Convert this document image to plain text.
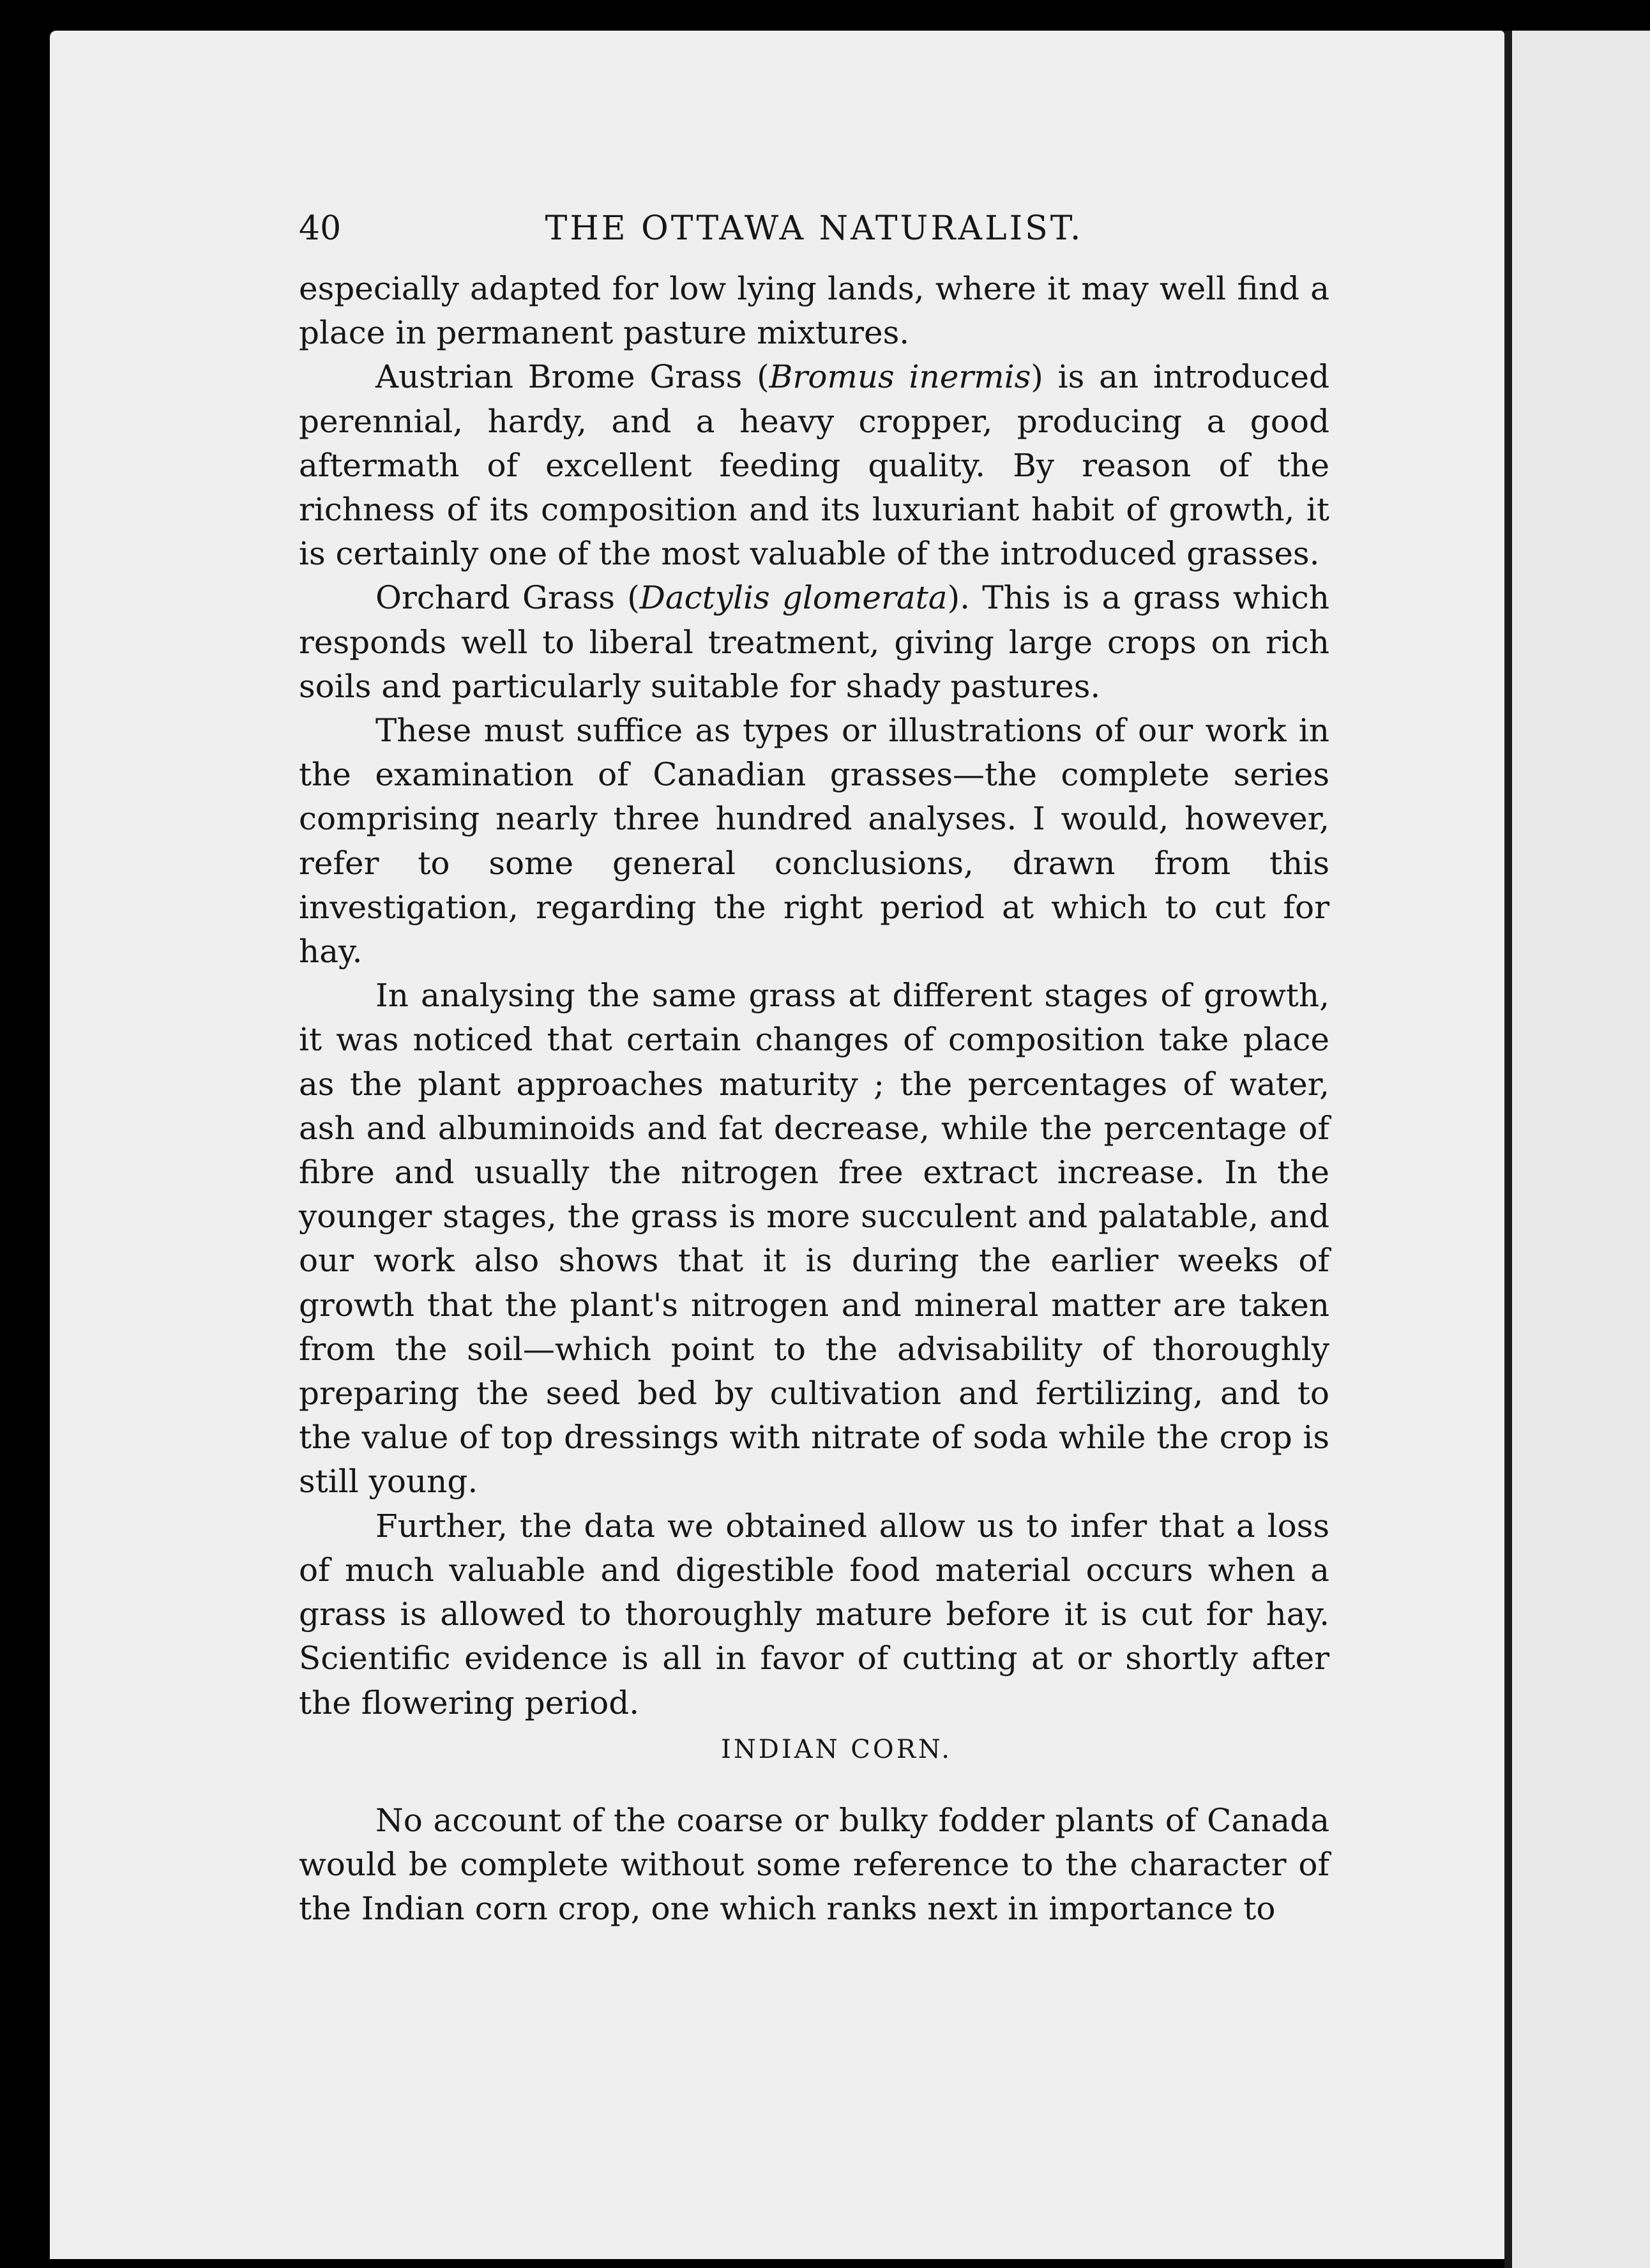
40	THE OTTAWA NATURALIST.

especially adapted for low lying lands, where it may well find a place in permanent pasture mixtures.

Austrian Brome Grass (Bromus inermis) is an introduced perennial, hardy, and a heavy cropper, producing a good aftermath of excellent feeding quality. By reason of the richness of its composition and its luxuriant habit of growth, it is certainly one of the most valuable of the introduced grasses.

Orchard Grass (Dactylis glomerata). This is a grass which responds well to liberal treatment, giving large crops on rich soils and particularly suitable for shady pastures.

These must suffice as types or illustrations of our work in the examination of Canadian grasses—the complete series comprising nearly three hundred analyses. I would, however, refer to some general conclusions, drawn from this investigation, regarding the right period at which to cut for hay.

In analysing the same grass at different stages of growth, it was noticed that certain changes of composition take place as the plant approaches maturity ; the percentages of water, ash and albuminoids and fat decrease, while the percentage of fibre and usually the nitrogen free extract increase. In the younger stages, the grass is more succulent and palatable, and our work also shows that it is during the earlier weeks of growth that the plant's nitrogen and mineral matter are taken from the soil—which point to the advisability of thoroughly preparing the seed bed by cultivation and fertilizing, and to the value of top dressings with nitrate of soda while the crop is still young.

Further, the data we obtained allow us to infer that a loss of much valuable and digestible food material occurs when a grass is allowed to thoroughly mature before it is cut for hay. Scientific evidence is all in favor of cutting at or shortly after the flowering period.

INDIAN CORN.

No account of the coarse or bulky fodder plants of Canada would be complete without some reference to the character of the Indian corn crop, one which ranks next in importance to
